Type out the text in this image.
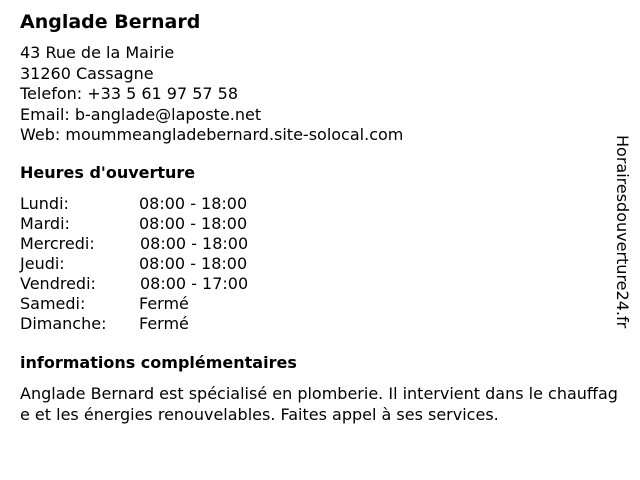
Anglade Bernard
43 Rue de la Mairie
31260 Cassagne
Telefon: +33 5 61 97 57 58
Email: b-anglade@laposte.net
Web: moummeangladebernard.site-solocal.com
Heures d'ouverture
Lundi:	08:00 - 18:00
Mardi:	08:00 - 18:00
Mercredi:	08:00 - 18:00
Jeudi:	08:00 - 18:00
Vendredi:	08:00 - 17:00
Samedi:	Fermé
Dimanche: Fermé
informations complémentaires
Anglade Bernard est spécialisé en plomberie. Il intervient dans le chauffage et les énergies renouvelables. Faites appel à ses services.
Horairesdouverture24.fr
